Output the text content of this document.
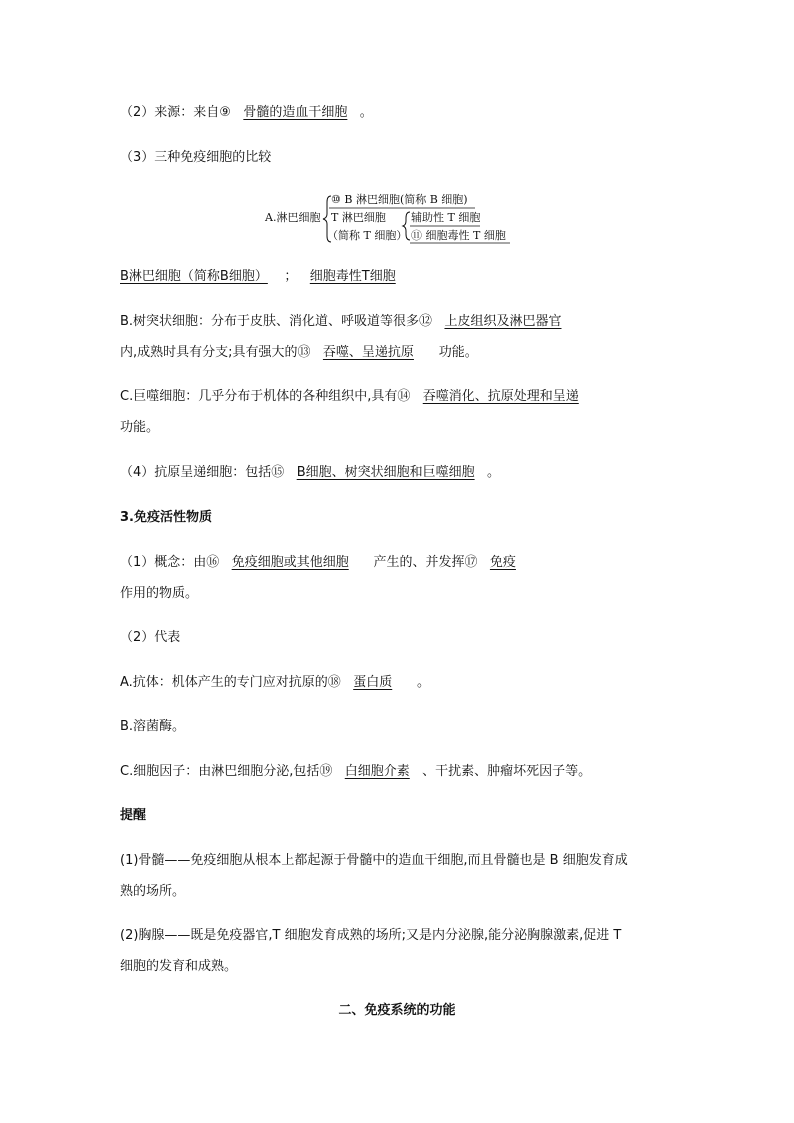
（2）来源：来自⑨ 骨髓的造血干细胞 。
（3）三种免疫细胞的比较
A.淋巴细胞
⑩ B 淋巴细胞(简称 B 细胞)
T 淋巴细胞
（简称 T 细胞）
辅助性 T 细胞
⑪ 细胞毒性 T 细胞
B淋巴细胞（简称B细胞） ； 细胞毒性T细胞
B.树突状细胞：分布于皮肤、消化道、呼吸道等很多⑫ 上皮组织及淋巴器官
内,成熟时具有分支;具有强大的⑬ 吞噬、呈递抗原 功能。
C.巨噬细胞：几乎分布于机体的各种组织中,具有⑭ 吞噬消化、抗原处理和呈递
功能。
（4）抗原呈递细胞：包括⑮ B细胞、树突状细胞和巨噬细胞 。
3.免疫活性物质
（1）概念：由⑯ 免疫细胞或其他细胞 产生的、并发挥⑰ 免疫
作用的物质。
（2）代表
A.抗体：机体产生的专门应对抗原的⑱ 蛋白质 。
B.溶菌酶。
C.细胞因子：由淋巴细胞分泌,包括⑲ 白细胞介素 、干扰素、肿瘤坏死因子等。
提醒
(1)骨髓——免疫细胞从根本上都起源于骨髓中的造血干细胞,而且骨髓也是 B 细胞发育成
熟的场所。
(2)胸腺——既是免疫器官,T 细胞发育成熟的场所;又是内分泌腺,能分泌胸腺激素,促进 T
细胞的发育和成熟。
二、免疫系统的功能
